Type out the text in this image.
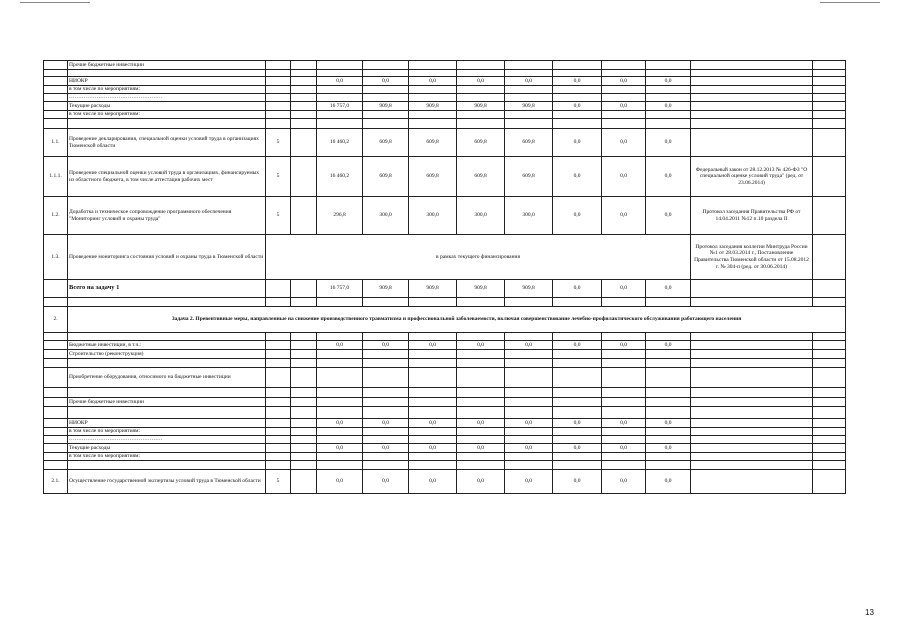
	Прочие бюджетные инвестиции												

	НИОКР			0,0	0,0	0,0	0,0	0,0	0,0	0,0	0,0		
	в том числе по мероприятиям:												
	……………………………………………												
	Текущие расходы			16 757,0	909,8	909,8	909,8	909,8	0,0	0,0	0,0		
	в том числе по мероприятиям:												

1.1.	Проведение декларирования, специальной оценки условий труда в организациях Тюменской области	5		16 460,2	609,8	609,8	609,8	609,8	0,0	0,0	0,0		
1.1.1.	Проведение специальной оценки условий труда в организациях, финансируемых из областного бюджета, в том числе аттестация рабочих мест	5		16 460,2	609,8	609,8	609,8	609,8	0,0	0,0	0,0	Федеральный закон от 28.12.2013 № 426-ФЗ "О специальной оценке условий труда" (ред. от 23.06.2014)	
1.2.	Доработка и техническое сопровождение программного обеспечения "Мониторинг условий и охраны труда"	5		296,8	300,0	300,0	300,0	300,0	0,0	0,0	0,0	Протокол заседания Правительства РФ от 14.04.2011 №12 п.10 раздела II	
1.3.	Проведение мониторинга состояния условий и охраны труда в Тюменской области	в рамках текущего финансирования										Протокол заседания коллегии Минтруда России №1 от 28.03.2014 г., Постановление Правительства Тюменской области от 15.08.2012 г. № 304-п (ред. от 30.06.2014)	
	Всего на задачу 1			16 757,0	909,8	909,8	909,8	909,8	0,0	0,0	0,0		

2.	Задача 2. Превентивные меры, направленные на снижение производственного травматизма и профессиональной заболеваемости, включая совершенствование лечебно-профилактического обслуживания работающего населения												

	Бюджетные инвестиции, в т.ч.:			0,0	0,0	0,0	0,0	0,0	0,0	0,0	0,0		
	Строительство (реконструкция)												

	Приобретение оборудования, относимого на бюджетные инвестиции												

	Прочие бюджетные инвестиции												

	НИОКР			0,0	0,0	0,0	0,0	0,0	0,0	0,0	0,0		
	в том числе по мероприятиям:												
	……………………………………………												
	Текущие расходы			0,0	0,0	0,0	0,0	0,0	0,0	0,0	0,0		
	в том числе по мероприятиям:												

2.1.	Осуществление государственной экспертизы условий труда в Тюменской области	5		0,0	0,0	0,0	0,0	0,0	0,0	0,0	0,0		
13
